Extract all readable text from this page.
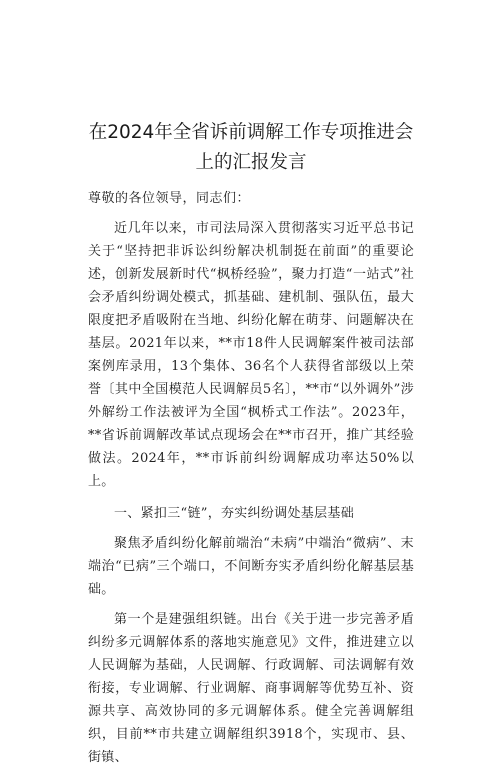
在2024年全省诉前调解工作专项推进会上的汇报发言

尊敬的各位领导，同志们：

近几年以来，市司法局深入贯彻落实习近平总书记关于“坚持把非诉讼纠纷解决机制挺在前面”的重要论述，创新发展新时代“枫桥经验”，聚力打造“一站式”社会矛盾纠纷调处模式，抓基础、建机制、强队伍，最大限度把矛盾吸附在当地、纠纷化解在萌芽、问题解决在基层。2021年以来，**市18件人民调解案件被司法部案例库录用，13个集体、36名个人获得省部级以上荣誉〔其中全国模范人民调解员5名〕，**市“以外调外”涉外解纷工作法被评为全国“枫桥式工作法”。2023年，**省诉前调解改革试点现场会在**市召开，推广其经验做法。2024年，**市诉前纠纷调解成功率达50%以上。

一、紧扣三“链”，夯实纠纷调处基层基础

聚焦矛盾纠纷化解前端治“未病”中端治“微病”、末端治“已病”三个端口，不间断夯实矛盾纠纷化解基层基础。

第一个是建强组织链。出台《关于进一步完善矛盾纠纷多元调解体系的落地实施意见》文件，推进建立以人民调解为基础，人民调解、行政调解、司法调解有效衔接，专业调解、行业调解、商事调解等优势互补、资源共享、高效协同的多元调解体系。健全完善调解组织，目前**市共建立调解组织3918个，实现市、县、街镇、
